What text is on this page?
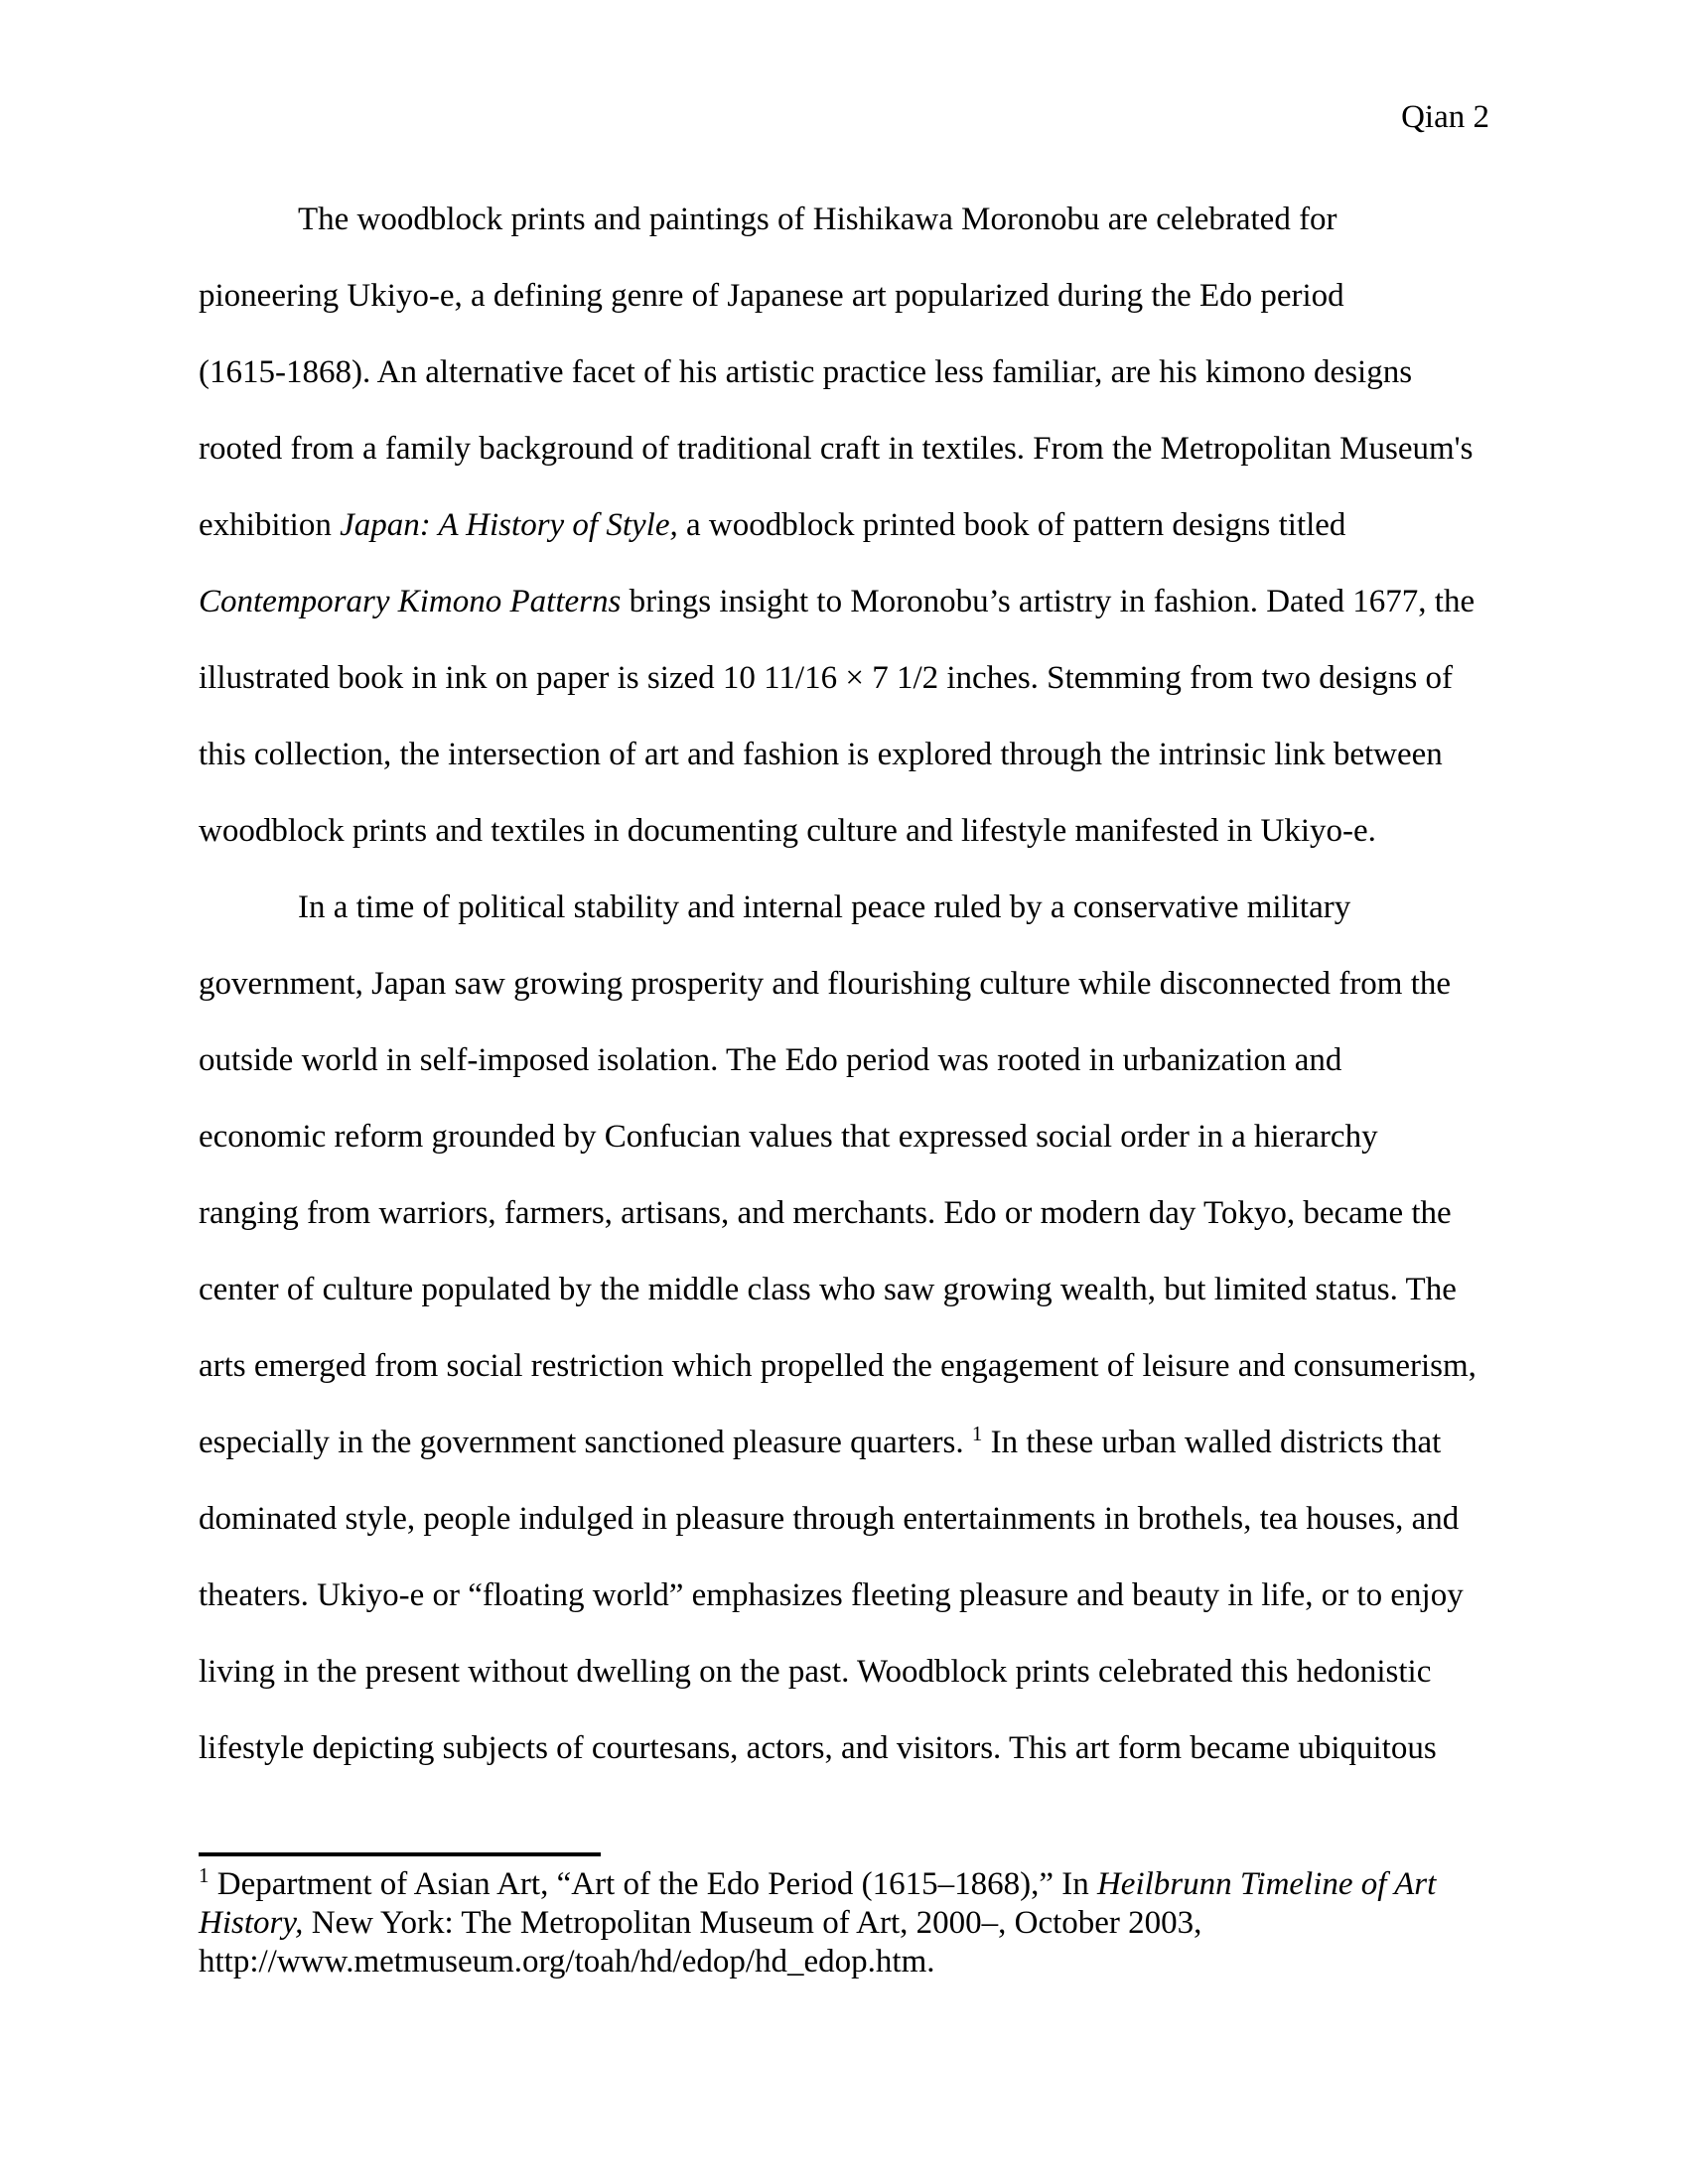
Qian 2
The woodblock prints and paintings of Hishikawa Moronobu are celebrated for
pioneering Ukiyo-e, a defining genre of Japanese art popularized during the Edo period
(1615-1868). An alternative facet of his artistic practice less familiar, are his kimono designs
rooted from a family background of traditional craft in textiles. From the Metropolitan Museum's
exhibition Japan: A History of Style, a woodblock printed book of pattern designs titled
Contemporary Kimono Patterns brings insight to Moronobu’s artistry in fashion. Dated 1677, the
illustrated book in ink on paper is sized 10 11/16 × 7 1/2 inches. Stemming from two designs of
this collection, the intersection of art and fashion is explored through the intrinsic link between
woodblock prints and textiles in documenting culture and lifestyle manifested in Ukiyo-e.
In a time of political stability and internal peace ruled by a conservative military
government, Japan saw growing prosperity and flourishing culture while disconnected from the
outside world in self-imposed isolation. The Edo period was rooted in urbanization and
economic reform grounded by Confucian values that expressed social order in a hierarchy
ranging from warriors, farmers, artisans, and merchants. Edo or modern day Tokyo, became the
center of culture populated by the middle class who saw growing wealth, but limited status. The
arts emerged from social restriction which propelled the engagement of leisure and consumerism,
especially in the government sanctioned pleasure quarters. $^1$ In these urban walled districts that
dominated style, people indulged in pleasure through entertainments in brothels, tea houses, and
theaters. Ukiyo-e or “floating world” emphasizes fleeting pleasure and beauty in life, or to enjoy
living in the present without dwelling on the past. Woodblock prints celebrated this hedonistic
lifestyle depicting subjects of courtesans, actors, and visitors. This art form became ubiquitous
$^1$ Department of Asian Art, “Art of the Edo Period (1615–1868),” In Heilbrunn Timeline of Art
History, New York: The Metropolitan Museum of Art, 2000–, October 2003,
http://www.metmuseum.org/toah/hd/edop/hd_edop.htm.
